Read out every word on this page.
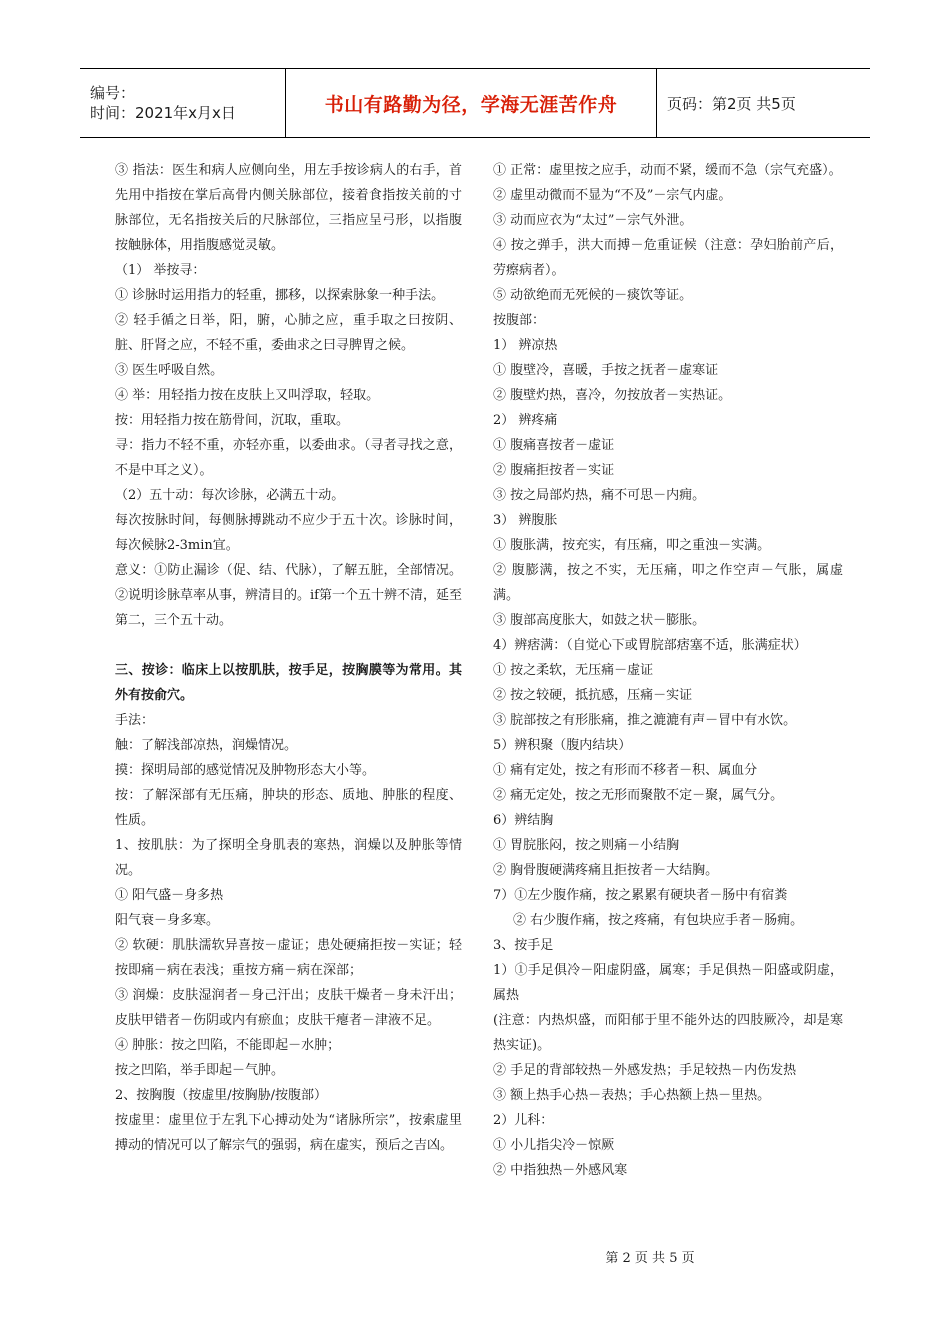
编号：
时间：2021年x月x日	书山有路勤为径，学海无涯苦作舟	页码：第2页 共5页

③ 指法：医生和病人应侧向坐，用左手按诊病人的右手，首先用中指按在掌后高骨内侧关脉部位，接着食指按关前的寸脉部位，无名指按关后的尺脉部位，三指应呈弓形，以指腹按触脉体，用指腹感觉灵敏。

（1） 举按寻：

① 诊脉时运用指力的轻重，挪移，以探索脉象一种手法。

② 轻手循之日举，阳，腑，心肺之应，重手取之曰按阴、脏、肝肾之应，不轻不重，委曲求之曰寻脾胃之候。

③ 医生呼吸自然。

④ 举：用轻指力按在皮肤上又叫浮取，轻取。

按：用轻指力按在筋骨间，沉取，重取。

寻：指力不轻不重，亦轻亦重，以委曲求。（寻者寻找之意，不是中耳之义）。

（2）五十动：每次诊脉，必满五十动。

每次按脉时间，每侧脉搏跳动不应少于五十次。诊脉时间，每次候脉2-3min宜。

意义：①防止漏诊（促、结、代脉），了解五脏，全部情况。②说明诊脉草率从事，辨清目的。if第一个五十辨不清，延至第二，三个五十动。

三、按诊：临床上以按肌肤，按手足，按胸膜等为常用。其外有按俞穴。

手法：

触：了解浅部凉热，润燥情况。

摸：探明局部的感觉情况及肿物形态大小等。

按：了解深部有无压痛，肿块的形态、质地、肿胀的程度、性质。

1、按肌肤：为了探明全身肌表的寒热，润燥以及肿胀等情况。

① 阳气盛－身多热

阳气衰－身多寒。

② 软硬：肌肤濡软异喜按－虚证；患处硬痛拒按－实证；轻按即痛－病在表浅；重按方痛－病在深部；

③ 润燥：皮肤湿润者－身己汗出；皮肤干燥者－身未汗出；皮肤甲错者－伤阴或内有瘀血；皮肤干瘪者－津液不足。

④ 肿胀：按之凹陷，不能即起－水肿；

按之凹陷，举手即起－气肿。

2、按胸腹（按虚里/按胸胁/按腹部）

按虚里：虚里位于左乳下心搏动处为“诸脉所宗”，按索虚里搏动的情况可以了解宗气的强弱，病在虚实，预后之吉凶。

① 正常：虚里按之应手，动而不紧，缓而不急（宗气充盛）。

② 虚里动微而不显为“不及”－宗气内虚。

③ 动而应衣为“太过”－宗气外泄。

④ 按之弹手，洪大而搏－危重证候（注意：孕妇胎前产后，劳瘵病者）。

⑤ 动欲绝而无死候的－痰饮等证。

按腹部：

1） 辨凉热

① 腹壁冷，喜暖，手按之抚者－虚寒证

② 腹壁灼热，喜冷，勿按放者－实热证。

2） 辨疼痛

① 腹痛喜按者－虚证

② 腹痛拒按者－实证

③ 按之局部灼热，痛不可思－内痈。

3） 辨腹胀

① 腹胀满，按充实，有压痛，叩之重浊－实满。

② 腹膨满，按之不实，无压痛，叩之作空声－气胀，属虚满。

③ 腹部高度胀大，如鼓之状－膨胀。

4）辨痞满：（自觉心下或胃脘部痞塞不适，胀满症状）

① 按之柔软，无压痛－虚证

② 按之较硬，抵抗感，压痛－实证

③ 脘部按之有形胀痛，推之漉漉有声－冒中有水饮。

5）辨积聚（腹内结块）

① 痛有定处，按之有形而不移者－积、属血分

② 痛无定处，按之无形而聚散不定－聚，属气分。

6）辨结胸

① 胃脘胀闷，按之则痛－小结胸

② 胸骨腹硬满疼痛且拒按者－大结胸。

7）①左少腹作痛，按之累累有硬块者－肠中有宿粪

② 右少腹作痛，按之疼痛，有包块应手者－肠痈。

3、按手足

1）①手足俱冷－阳虚阴盛，属寒；手足俱热－阳盛或阴虚，属热

(注意：内热炽盛，而阳郁于里不能外达的四肢厥冷，却是寒热实证)。

② 手足的背部较热－外感发热；手足较热－内伤发热

③ 额上热手心热－表热；手心热额上热－里热。

2）儿科：

① 小儿指尖冷－惊厥

② 中指独热－外感风寒

第 2 页 共 5 页
